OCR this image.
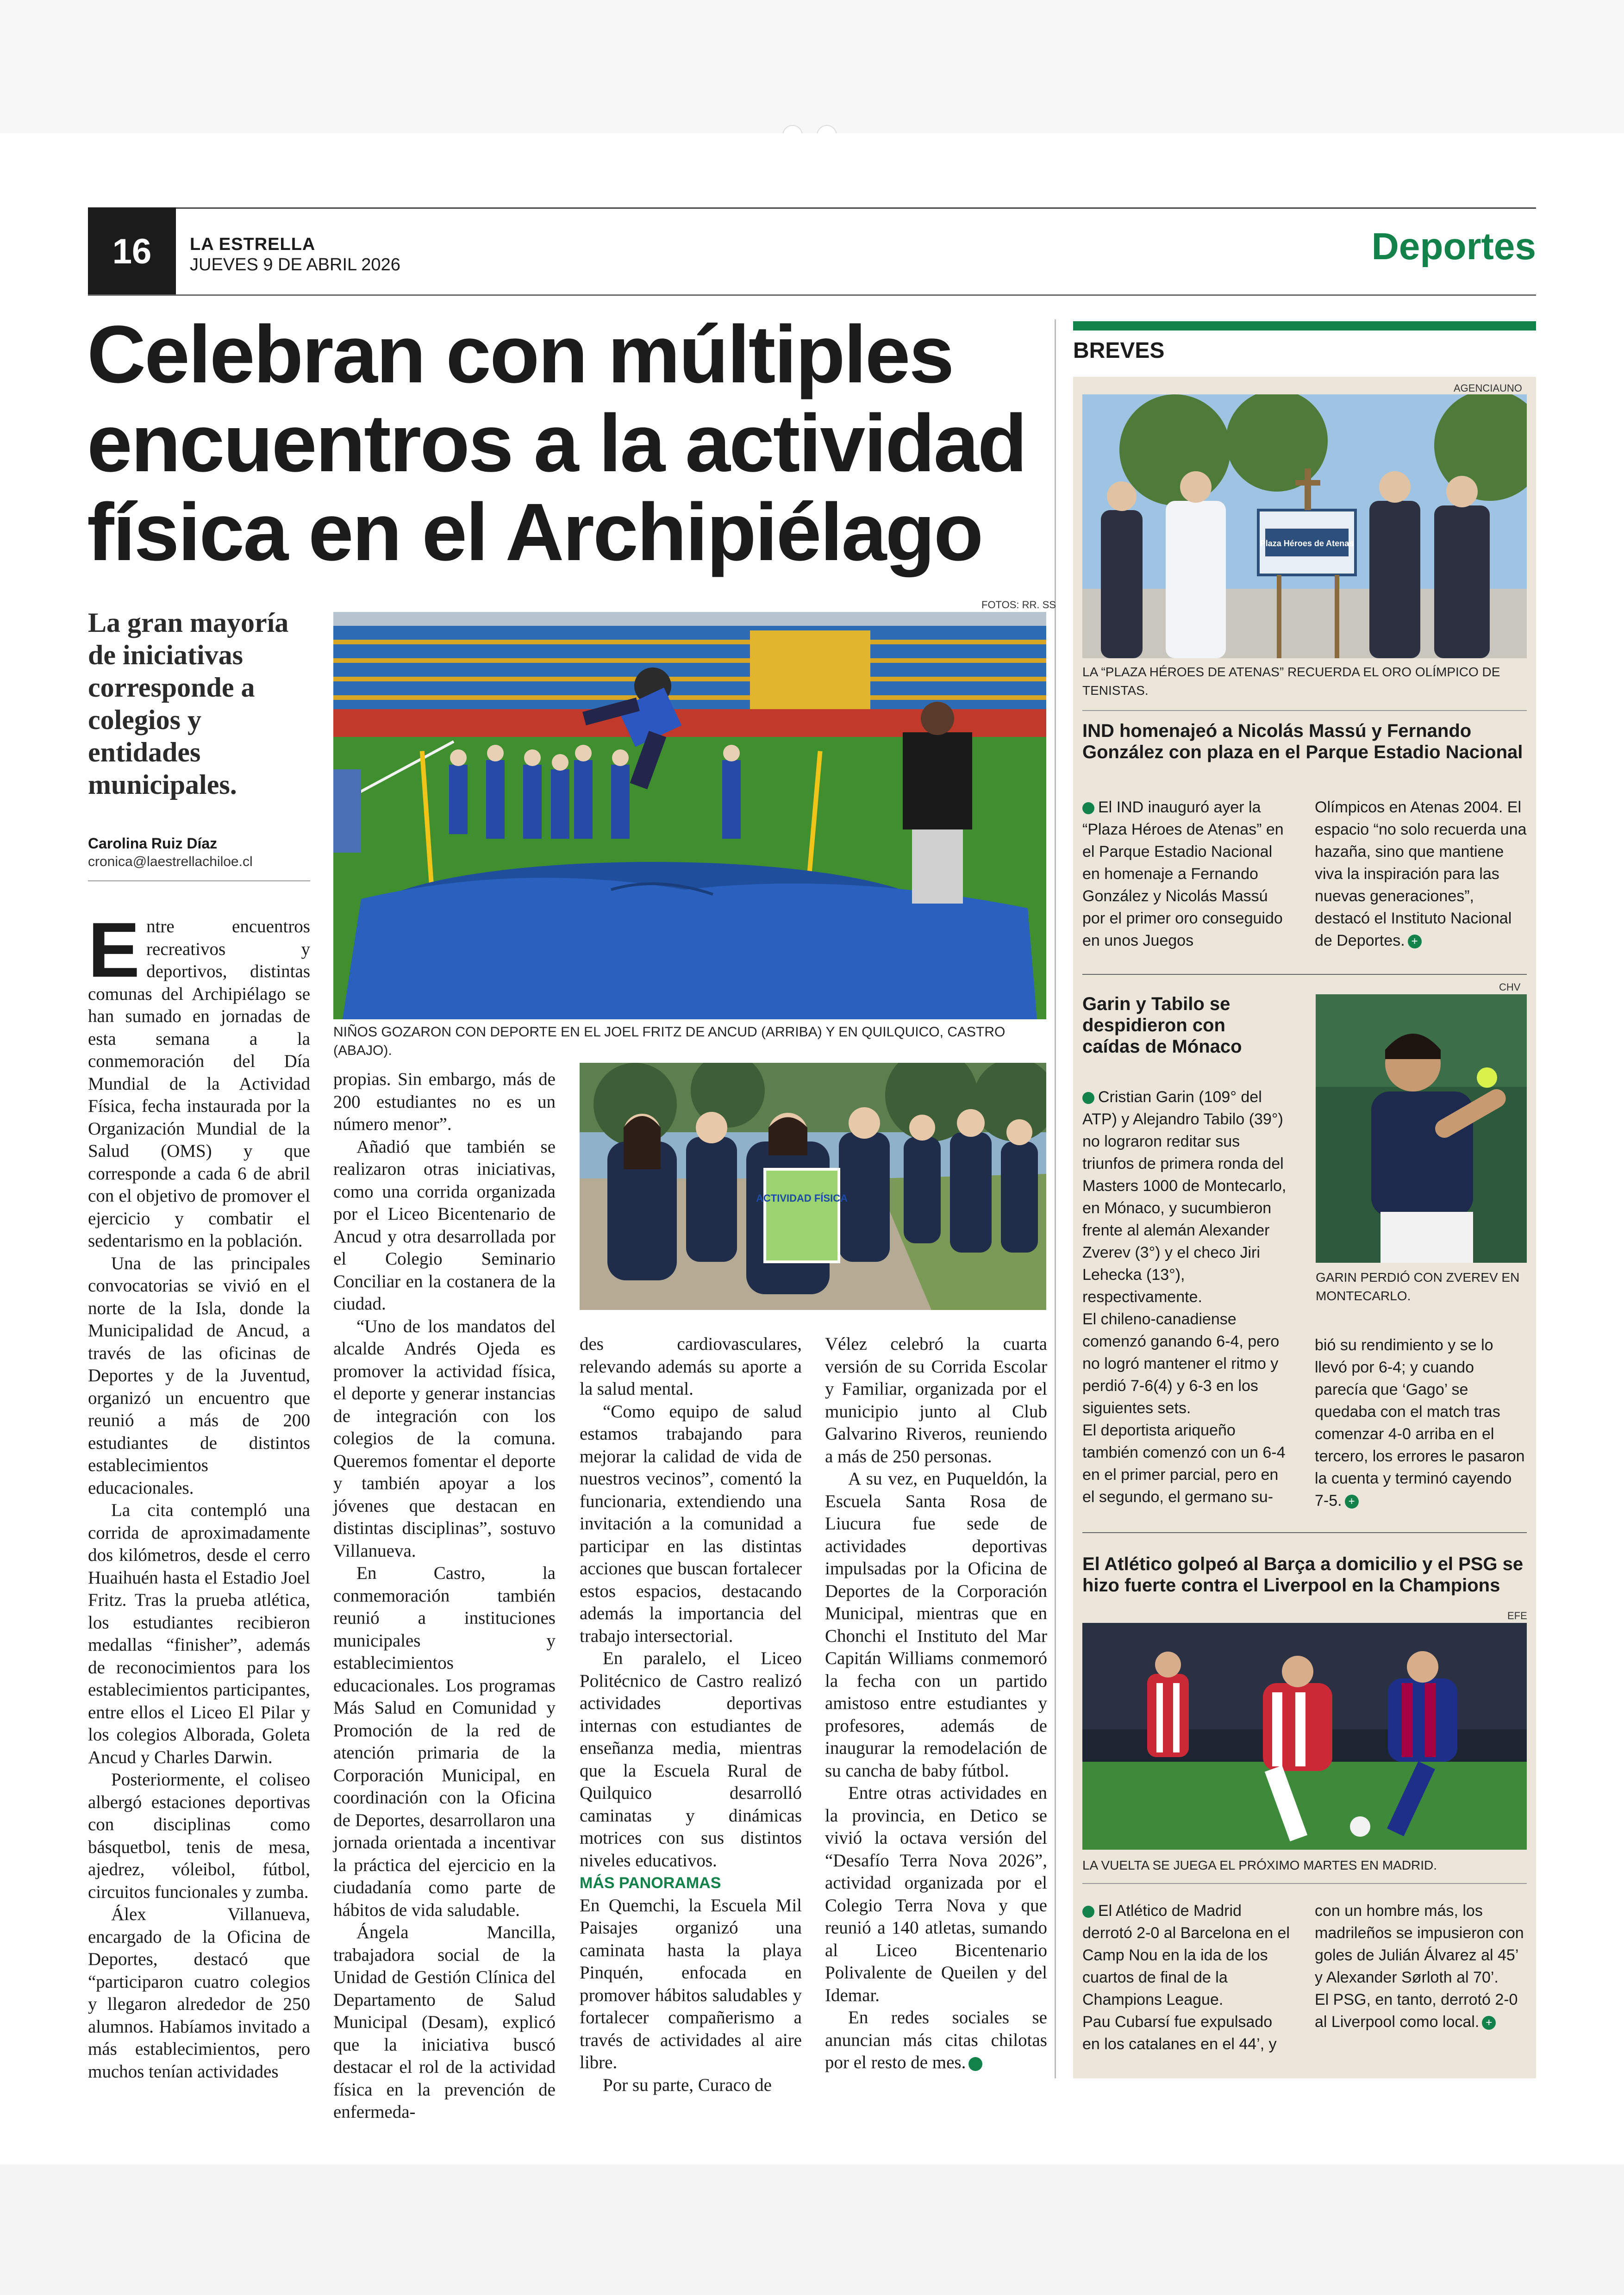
16	LA ESTRELLA
JUEVES 9 DE ABRIL 2026	Deportes
Celebran con múltiples encuentros a la actividad física en el Archipiélago
La gran mayoría de iniciativas corresponde a colegios y entidades municipales.
Carolina Ruiz Díaz
cronica@laestrellachiloe.cl
FOTOS: RR. SS
NIÑOS GOZARON CON DEPORTE EN EL JOEL FRITZ DE ANCUD (ARRIBA) Y EN QUILQUICO, CASTRO (ABAJO).
ACTIVIDAD FÍSICA

Entre encuentros recreativos y deportivos, distintas comunas del Archipiélago se han sumado en jornadas de esta semana a la conmemoración del Día Mundial de la Actividad Física, fecha instaurada por la Organización Mundial de la Salud (OMS) y que corresponde a cada 6 de abril con el objetivo de promover el ejercicio y combatir el sedentarismo en la población.

Una de las principales convocatorias se vivió en el norte de la Isla, donde la Municipalidad de Ancud, a través de las oficinas de Deportes y de la Juventud, organizó un encuentro que reunió a más de 200 estudiantes de distintos establecimientos educacionales.

La cita contempló una corrida de aproximadamente dos kilómetros, desde el cerro Huaihuén hasta el Estadio Joel Fritz. Tras la prueba atlética, los estudiantes recibieron medallas “finisher”, además de reconocimientos para los establecimientos participantes, entre ellos el Liceo El Pilar y los colegios Alborada, Goleta Ancud y Charles Darwin.

Posteriormente, el coliseo albergó estaciones deportivas con disciplinas como básquetbol, tenis de mesa, ajedrez, vóleibol, fútbol, circuitos funcionales y zumba.

Álex Villanueva, encargado de la Oficina de Deportes, destacó que “participaron cuatro colegios y llegaron alrededor de 250 alumnos. Habíamos invitado a más establecimientos, pero muchos tenían actividades

propias. Sin embargo, más de 200 estudiantes no es un número menor”.

Añadió que también se realizaron otras iniciativas, como una corrida organizada por el Liceo Bicentenario de Ancud y otra desarrollada por el Colegio Seminario Conciliar en la costanera de la ciudad.

“Uno de los mandatos del alcalde Andrés Ojeda es promover la actividad física, el deporte y generar instancias de integración con los colegios de la comuna. Queremos fomentar el deporte y también apoyar a los jóvenes que destacan en distintas disciplinas”, sostuvo Villanueva.

En Castro, la conmemoración también reunió a instituciones municipales y establecimientos educacionales. Los programas Más Salud en Comunidad y Promoción de la red de atención primaria de la Corporación Municipal, en coordinación con la Oficina de Deportes, desarrollaron una jornada orientada a incentivar la práctica del ejercicio en la ciudadanía como parte de hábitos de vida saludable.

Ángela Mancilla, trabajadora social de la Unidad de Gestión Clínica del Departamento de Salud Municipal (Desam), explicó que la iniciativa buscó destacar el rol de la actividad física en la prevención de enfermeda-

des cardiovasculares, relevando además su aporte a la salud mental.

“Como equipo de salud estamos trabajando para mejorar la calidad de vida de nuestros vecinos”, comentó la funcionaria, extendiendo una invitación a la comunidad a participar en las distintas acciones que buscan fortalecer estos espacios, destacando además la importancia del trabajo intersectorial.

En paralelo, el Liceo Politécnico de Castro realizó actividades deportivas internas con estudiantes de enseñanza media, mientras que la Escuela Rural de Quilquico desarrolló caminatas y dinámicas motrices con sus distintos niveles educativos.

MÁS PANORAMAS

En Quemchi, la Escuela Mil Paisajes organizó una caminata hasta la playa Pinquén, enfocada en promover hábitos saludables y fortalecer compañerismo a través de actividades al aire libre.

Por su parte, Curaco de

Vélez celebró la cuarta versión de su Corrida Escolar y Familiar, organizada por el municipio junto al Club Galvarino Riveros, reuniendo a más de 250 personas.

A su vez, en Puqueldón, la Escuela Santa Rosa de Liucura fue sede de actividades deportivas impulsadas por la Oficina de Deportes de la Corporación Municipal, mientras que en Chonchi el Instituto del Mar Capitán Williams conmemoró la fecha con un partido amistoso entre estudiantes y profesores, además de inaugurar la remodelación de su cancha de baby fútbol.

Entre otras actividades en la provincia, en Detico se vivió la octava versión del “Desafío Terra Nova 2026”, actividad organizada por el Colegio Terra Nova y que reunió a 140 atletas, sumando al Liceo Bicentenario Polivalente de Queilen y del Idemar.

En redes sociales se anuncian más citas chilotas por el resto de mes. +

BREVES
AGENCIAUNO
Plaza Héroes de Atenas
LA “PLAZA HÉROES DE ATENAS” RECUERDA EL ORO OLÍMPICO DE TENISTAS.
IND homenajeó a Nicolás Massú y Fernando González con plaza en el Parque Estadio Nacional

El IND inauguró ayer la “Plaza Héroes de Atenas” en el Parque Estadio Nacional en homenaje a Fernando González y Nicolás Massú por el primer oro conseguido en unos Juegos

Olímpicos en Atenas 2004. El espacio “no solo recuerda una hazaña, sino que mantiene viva la inspiración para las nuevas generaciones”, destacó el Instituto Nacional de Deportes. +

Garin y Tabilo se despidieron con caídas de Mónaco
CHV
GARIN PERDIÓ CON ZVEREV EN MONTECARLO.

Cristian Garin (109° del ATP) y Alejandro Tabilo (39°) no lograron reditar sus triunfos de primera ronda del Masters 1000 de Montecarlo, en Mónaco, y sucumbieron frente al alemán Alexander Zverev (3°) y el checo Jiri Lehecka (13°), respectivamente.

El chileno-canadiense comenzó ganando 6-4, pero no logró mantener el ritmo y perdió 7-6(4) y 6-3 en los siguientes sets.

El deportista ariqueño también comenzó con un 6-4 en el primer parcial, pero en el segundo, el germano su-

bió su rendimiento y se lo llevó por 6-4; y cuando parecía que ‘Gago’ se quedaba con el match tras comenzar 4-0 arriba en el tercero, los errores le pasaron la cuenta y terminó cayendo 7-5. +

El Atlético golpeó al Barça a domicilio y el PSG se hizo fuerte contra el Liverpool en la Champions
EFE
LA VUELTA SE JUEGA EL PRÓXIMO MARTES EN MADRID.

El Atlético de Madrid derrotó 2-0 al Barcelona en el Camp Nou en la ida de los cuartos de final de la Champions League.

Pau Cubarsí fue expulsado en los catalanes en el 44’, y

con un hombre más, los madrileños se impusieron con goles de Julián Álvarez al 45’ y Alexander Sørloth al 70’.

El PSG, en tanto, derrotó 2-0 al Liverpool como local. +
